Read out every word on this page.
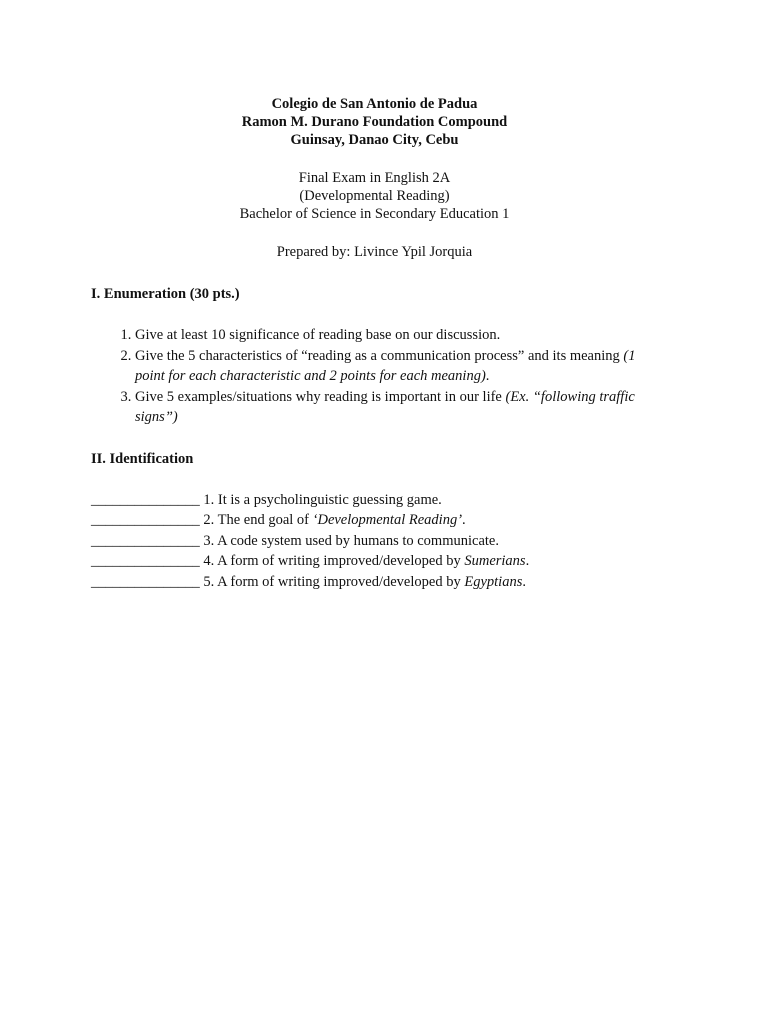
Colegio de San Antonio de Padua
Ramon M. Durano Foundation Compound
Guinsay, Danao City, Cebu
Final Exam in English 2A
(Developmental Reading)
Bachelor of Science in Secondary Education 1
Prepared by: Livince Ypil Jorquia
I. Enumeration (30 pts.)
1. Give at least 10 significance of reading base on our discussion.
2. Give the 5 characteristics of “reading as a communication process” and its meaning (1 point for each characteristic and 2 points for each meaning).
3. Give 5 examples/situations why reading is important in our life (Ex. “following traffic signs”)
II. Identification
_______________ 1. It is a psycholinguistic guessing game.
_______________ 2. The end goal of ‘Developmental Reading’.
_______________ 3. A code system used by humans to communicate.
_______________ 4. A form of writing improved/developed by Sumerians.
_______________ 5. A form of writing improved/developed by Egyptians.
